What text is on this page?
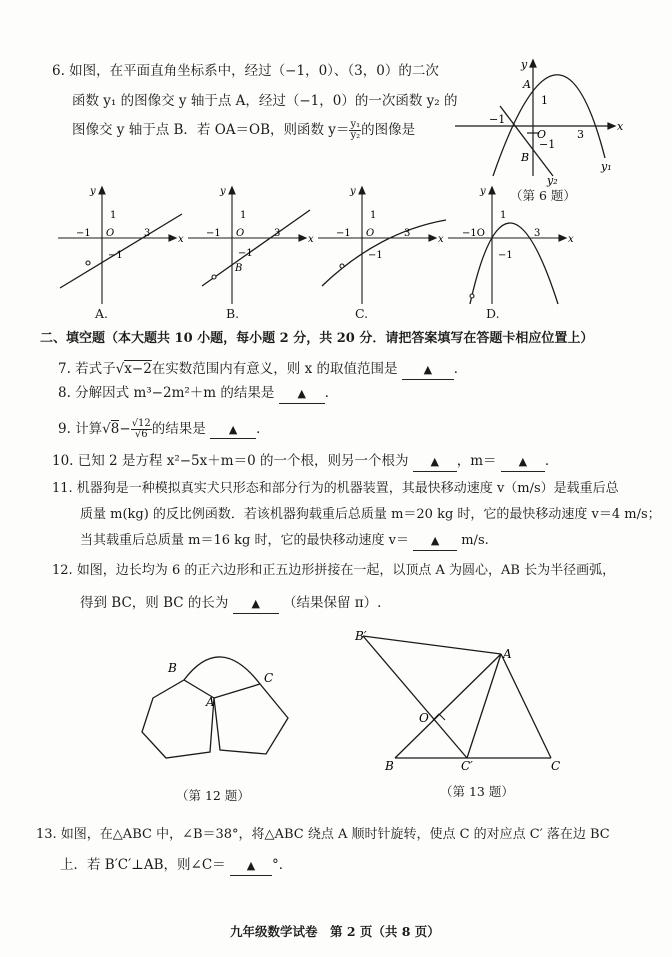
6. 如图，在平面直角坐标系中，经过（−1，0）、（3，0）的二次
函数 y₁ 的图像交 y 轴于点 A，经过（−1，0）的一次函数 y₂ 的
图像交 y 轴于点 B．若 OA＝OB，则函数 $y= \frac{\text{y₁}}{\text{y₂}}$ 的图像是
y
x
A
1
−1
O	3
−1
B
y₁
y₂
（第 6 题）
y
x
1
−1 O	3
−1
A.
y
x
1
−1 O	3
−1
B
B.
y
x
1
−1 O	3
−1
C.
y
x
1
−1O	3
−1
D.
二、填空题（本大题共 10 小题，每小题 2 分，共 20 分．请把答案填写在答题卡相应位置上）
7. 若式子√x−2在实数范围内有意义，则 x 的取值范围是 ▲ ．
8. 分解因式 m³−2m²＋m 的结果是 ▲ ．
9. 计算$√8- \frac{√12}{√6}$ 的结果是 ▲ ．
10. 已知 2 是方程 x²−5x＋m＝0 的一个根，则另一个根为 ▲ ，m＝ ▲ ．
11. 机器狗是一种模拟真实犬只形态和部分行为的机器装置，其最快移动速度 v（m/s）是载重后总
质量 m(kg) 的反比例函数．若该机器狗载重后总质量 m＝20 kg 时，它的最快移动速度 v＝4 m/s；
当其载重后总质量 m＝16 kg 时，它的最快移动速度 v＝ ▲ m/s.
12. 如图，边长均为 6 的正六边形和正五边形拼接在一起，以顶点 A 为圆心，AB 长为半径画弧，
得到 BC，则 BC 的长为 ▲ （结果保留 π）.
B
A
C
（第 12 题）
B′
A
O
B	C′	C
（第 13 题）
13. 如图，在△ABC 中，∠B＝38°，将△ABC 绕点 A 顺时针旋转，使点 C 的对应点 C′ 落在边 BC
上．若 B′C′⊥AB，则∠C＝ ▲ °．
九年级数学试卷　第 2 页（共 8 页）
